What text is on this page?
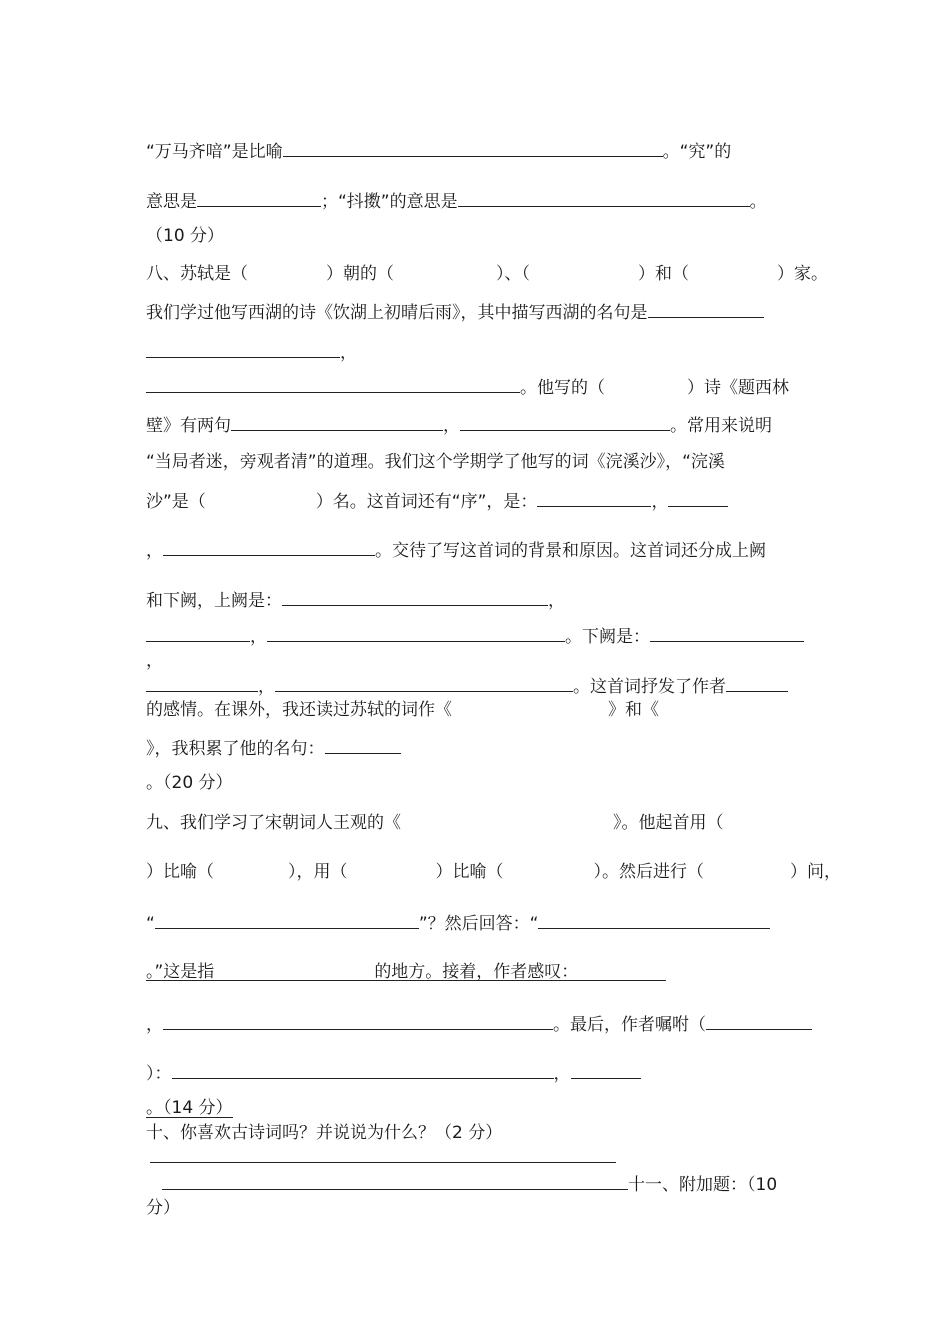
“万马齐喑”是比喻	。“究”的
意思是	；“抖擞”的意思是	。
（10 分）
八、苏轼是（	）朝的（	）、（	）和（	）家。
我们学过他写西湖的诗《饮湖上初晴后雨》，其中描写西湖的名句是
，
。他写的（	）诗《题西林
壁》有两句	，	。常用来说明
“当局者迷，旁观者清”的道理。我们这个学期学了他写的词《浣溪沙》，“浣溪
沙”是（	）名。这首词还有“序”，是：	，
，	。交待了写这首词的背景和原因。这首词还分成上阙
和下阙，上阙是：	，
，	。下阙是：
，
，	。这首词抒发了作者
的感情。在课外，我还读过苏轼的词作《	》和《
》，我积累了他的名句：
。（20 分）
九、我们学习了宋朝词人王观的《	》。他起首用（
）比喻（	），用（	）比喻（	）。然后进行（	）问，
“	”？然后回答：“
。”这是指	的地方。接着，作者感叹：
，	。最后，作者嘱咐（
）：	，
。（14 分）
十、你喜欢古诗词吗？并说说为什么？（2 分）
十一、附加题：（10
分）
